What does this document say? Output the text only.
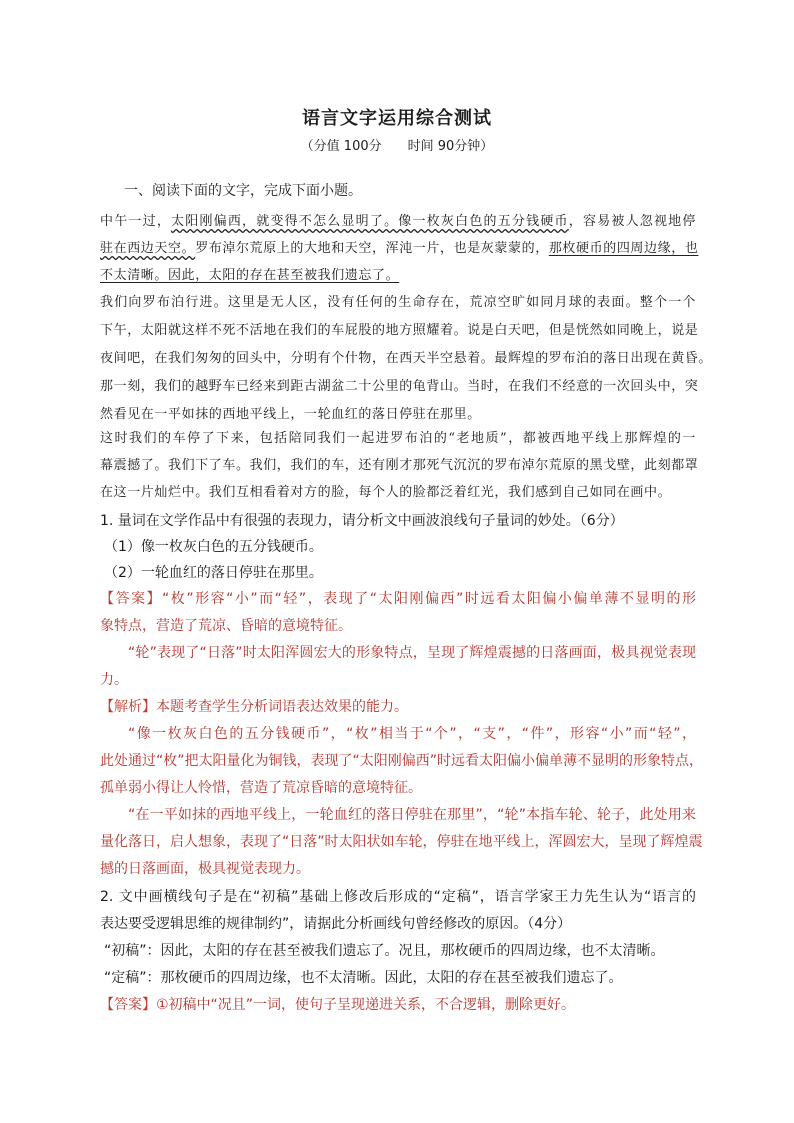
语言文字运用综合测试
（分值 100分 时间 90分钟）
一、阅读下面的文字，完成下面小题。
中午一过，太阳刚偏西，就变得不怎么显明了。像一枚灰白色的五分钱硬币，容易被人忽视地停
驻在西边天空。罗布淖尔荒原上的大地和天空，浑沌一片，也是灰蒙蒙的，那枚硬币的四周边缘，也
不太清晰。因此，太阳的存在甚至被我们遗忘了。
我们向罗布泊行进。这里是无人区，没有任何的生命存在，荒凉空旷如同月球的表面。整个一个
下午，太阳就这样不死不活地在我们的车屁股的地方照耀着。说是白天吧，但是恍然如同晚上，说是
夜间吧，在我们匆匆的回头中，分明有个什物，在西天半空悬着。最辉煌的罗布泊的落日出现在黄昏。
那一刻，我们的越野车已经来到距古湖盆二十公里的龟背山。当时，在我们不经意的一次回头中，突
然看见在一平如抹的西地平线上，一轮血红的落日停驻在那里。
这时我们的车停了下来，包括陪同我们一起进罗布泊的“老地质”，都被西地平线上那辉煌的一
幕震撼了。我们下了车。我们，我们的车，还有刚才那死气沉沉的罗布淖尔荒原的黑戈壁，此刻都罩
在这一片灿烂中。我们互相看着对方的脸，每个人的脸都泛着红光，我们感到自己如同在画中。
1. 量词在文学作品中有很强的表现力，请分析文中画波浪线句子量词的妙处。（6分）
（1）像一枚灰白色的五分钱硬币。
（2）一轮血红的落日停驻在那里。
【答案】“枚”形容“小”而“轻”，表现了“太阳刚偏西”时远看太阳偏小偏单薄不显明的形
象特点，营造了荒凉、昏暗的意境特征。
“轮”表现了“日落”时太阳浑圆宏大的形象特点，呈现了辉煌震撼的日落画面，极具视觉表现
力。
【解析】本题考查学生分析词语表达效果的能力。
“像一枚灰白色的五分钱硬币”，“枚”相当于“个”，“支”，“件”，形容“小”而“轻”，
此处通过“枚”把太阳量化为铜钱，表现了“太阳刚偏西”时远看太阳偏小偏单薄不显明的形象特点，
孤单弱小得让人怜惜，营造了荒凉昏暗的意境特征。
“在一平如抹的西地平线上，一轮血红的落日停驻在那里”，“轮”本指车轮、轮子，此处用来
量化落日，启人想象，表现了“日落”时太阳状如车轮，停驻在地平线上，浑圆宏大，呈现了辉煌震
撼的日落画面，极具视觉表现力。
2. 文中画横线句子是在“初稿”基础上修改后形成的“定稿”，语言学家王力先生认为“语言的
表达要受逻辑思维的规律制约”，请据此分析画线句曾经修改的原因。（4分）
“初稿”：因此，太阳的存在甚至被我们遗忘了。况且，那枚硬币的四周边缘，也不太清晰。
“定稿”：那枚硬币的四周边缘，也不太清晰。因此，太阳的存在甚至被我们遗忘了。
【答案】①初稿中“况且”一词，使句子呈现递进关系，不合逻辑，删除更好。
